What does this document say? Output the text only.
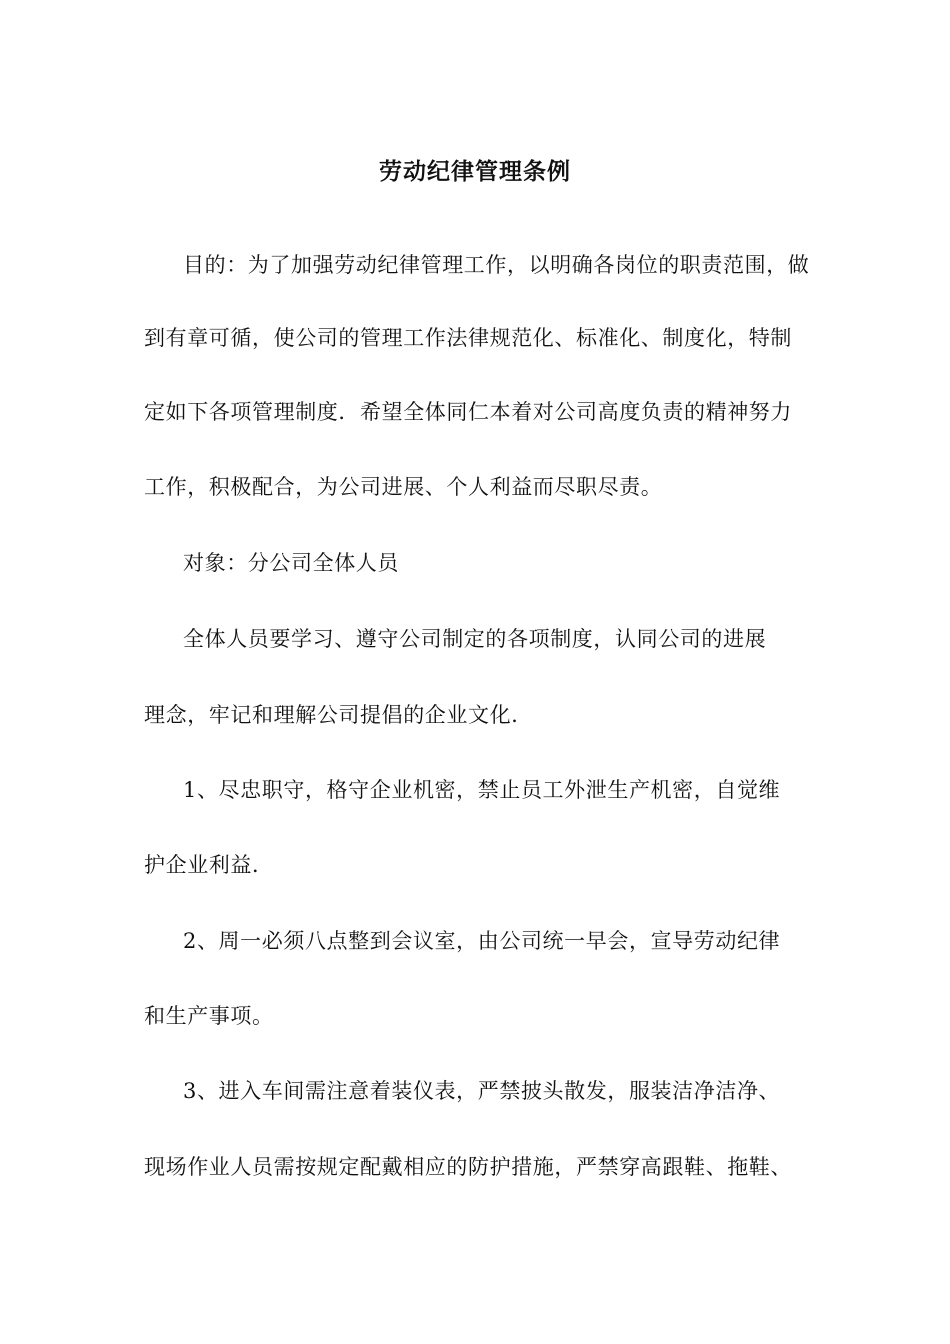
劳动纪律管理条例
目的：为了加强劳动纪律管理工作，以明确各岗位的职责范围，做
到有章可循，使公司的管理工作法律规范化、标准化、制度化，特制
定如下各项管理制度．希望全体同仁本着对公司高度负责的精神努力
工作，积极配合，为公司进展、个人利益而尽职尽责。
对象：分公司全体人员
全体人员要学习、遵守公司制定的各项制度，认同公司的进展
理念，牢记和理解公司提倡的企业文化．
1、尽忠职守，格守企业机密，禁止员工外泄生产机密，自觉维
护企业利益．
2、周一必须八点整到会议室，由公司统一早会，宣导劳动纪律
和生产事项。
3、进入车间需注意着装仪表，严禁披头散发，服装洁净洁净、
现场作业人员需按规定配戴相应的防护措施，严禁穿高跟鞋、拖鞋、
